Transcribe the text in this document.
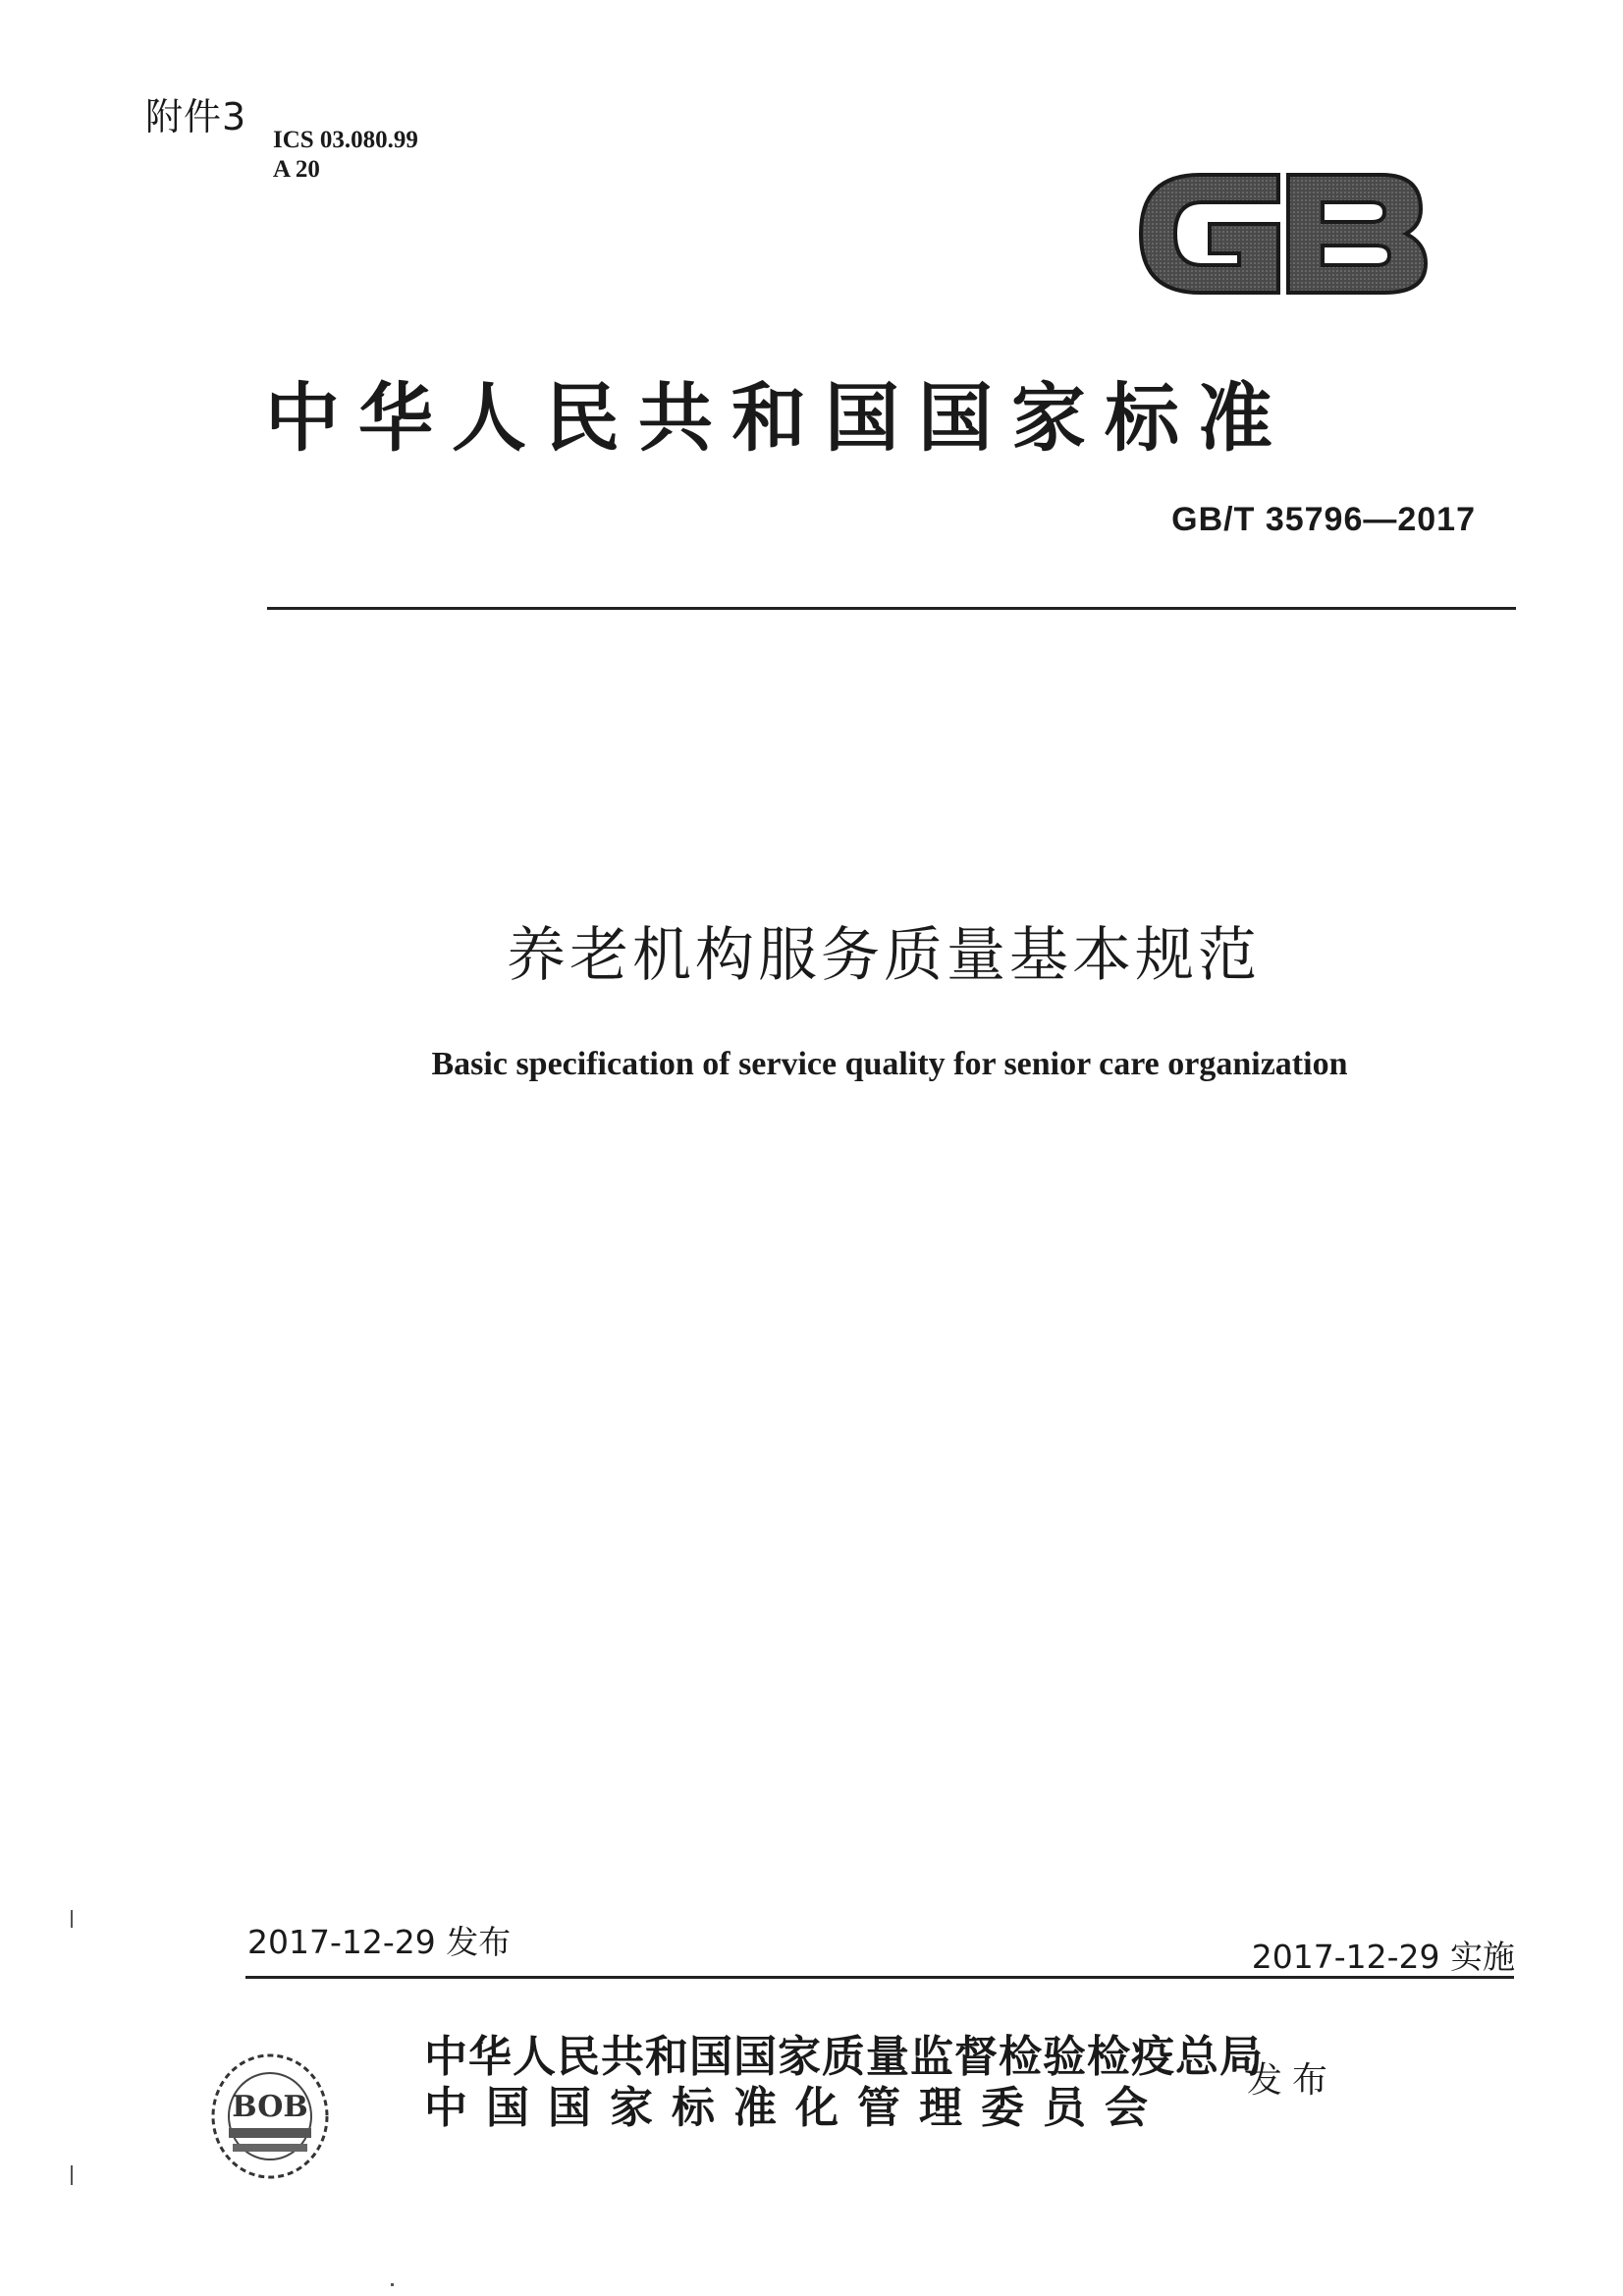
附件3
ICS 03.080.99
A 20
中华人民共和国国家标准
GB/T 35796—2017
养老机构服务质量基本规范
Basic specification of service quality for senior care organization
2017-12-29 发布	2017-12-29 实施
BOB
中华人民共和国国家质量监督检验检疫总局
中国国家标准化管理委员会
发布
